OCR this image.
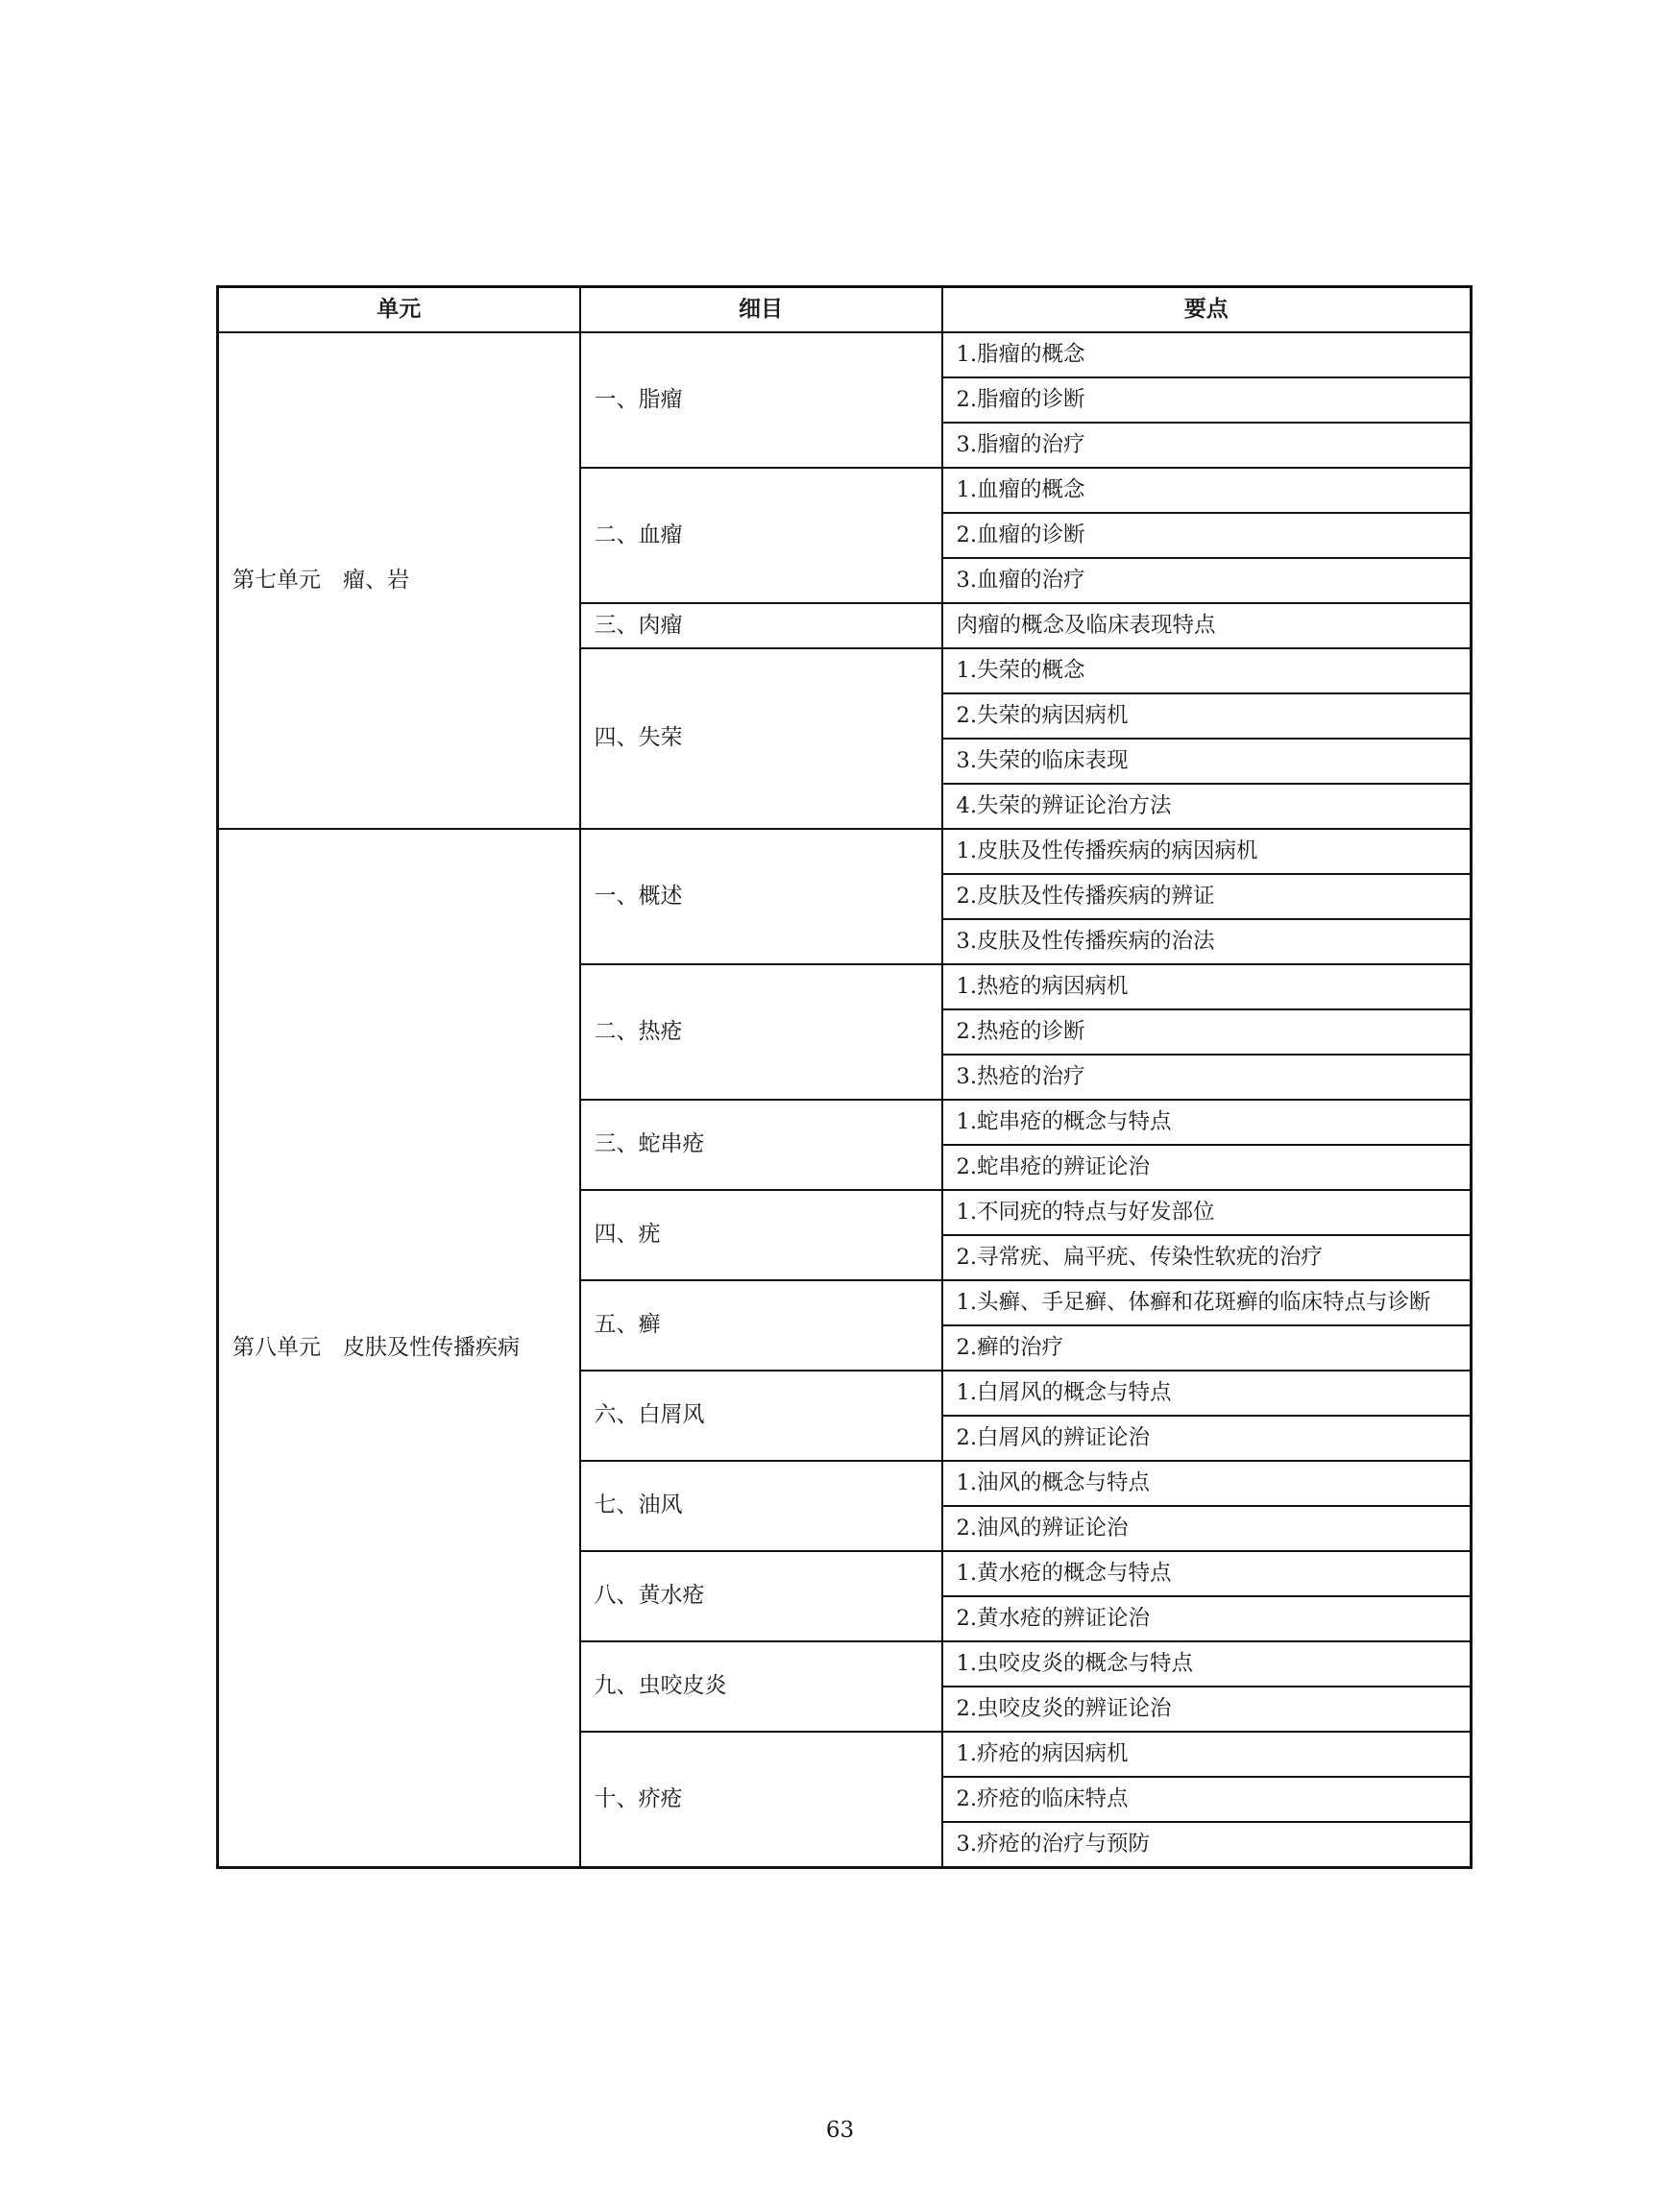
单元	细目	要点
第七单元　瘤、岩	一、脂瘤	1.脂瘤的概念
		2.脂瘤的诊断
		3.脂瘤的治疗
	二、血瘤	1.血瘤的概念
		2.血瘤的诊断
		3.血瘤的治疗
	三、肉瘤	肉瘤的概念及临床表现特点
	四、失荣	1.失荣的概念
		2.失荣的病因病机
		3.失荣的临床表现
		4.失荣的辨证论治方法
第八单元　皮肤及性传播疾病	一、概述	1.皮肤及性传播疾病的病因病机
		2.皮肤及性传播疾病的辨证
		3.皮肤及性传播疾病的治法
	二、热疮	1.热疮的病因病机
		2.热疮的诊断
		3.热疮的治疗
	三、蛇串疮	1.蛇串疮的概念与特点
		2.蛇串疮的辨证论治
	四、疣	1.不同疣的特点与好发部位
		2.寻常疣、扁平疣、传染性软疣的治疗
	五、癣	1.头癣、手足癣、体癣和花斑癣的临床特点与诊断
		2.癣的治疗
	六、白屑风	1.白屑风的概念与特点
		2.白屑风的辨证论治
	七、油风	1.油风的概念与特点
		2.油风的辨证论治
	八、黄水疮	1.黄水疮的概念与特点
		2.黄水疮的辨证论治
	九、虫咬皮炎	1.虫咬皮炎的概念与特点
		2.虫咬皮炎的辨证论治
	十、疥疮	1.疥疮的病因病机
		2.疥疮的临床特点
		3.疥疮的治疗与预防
63
